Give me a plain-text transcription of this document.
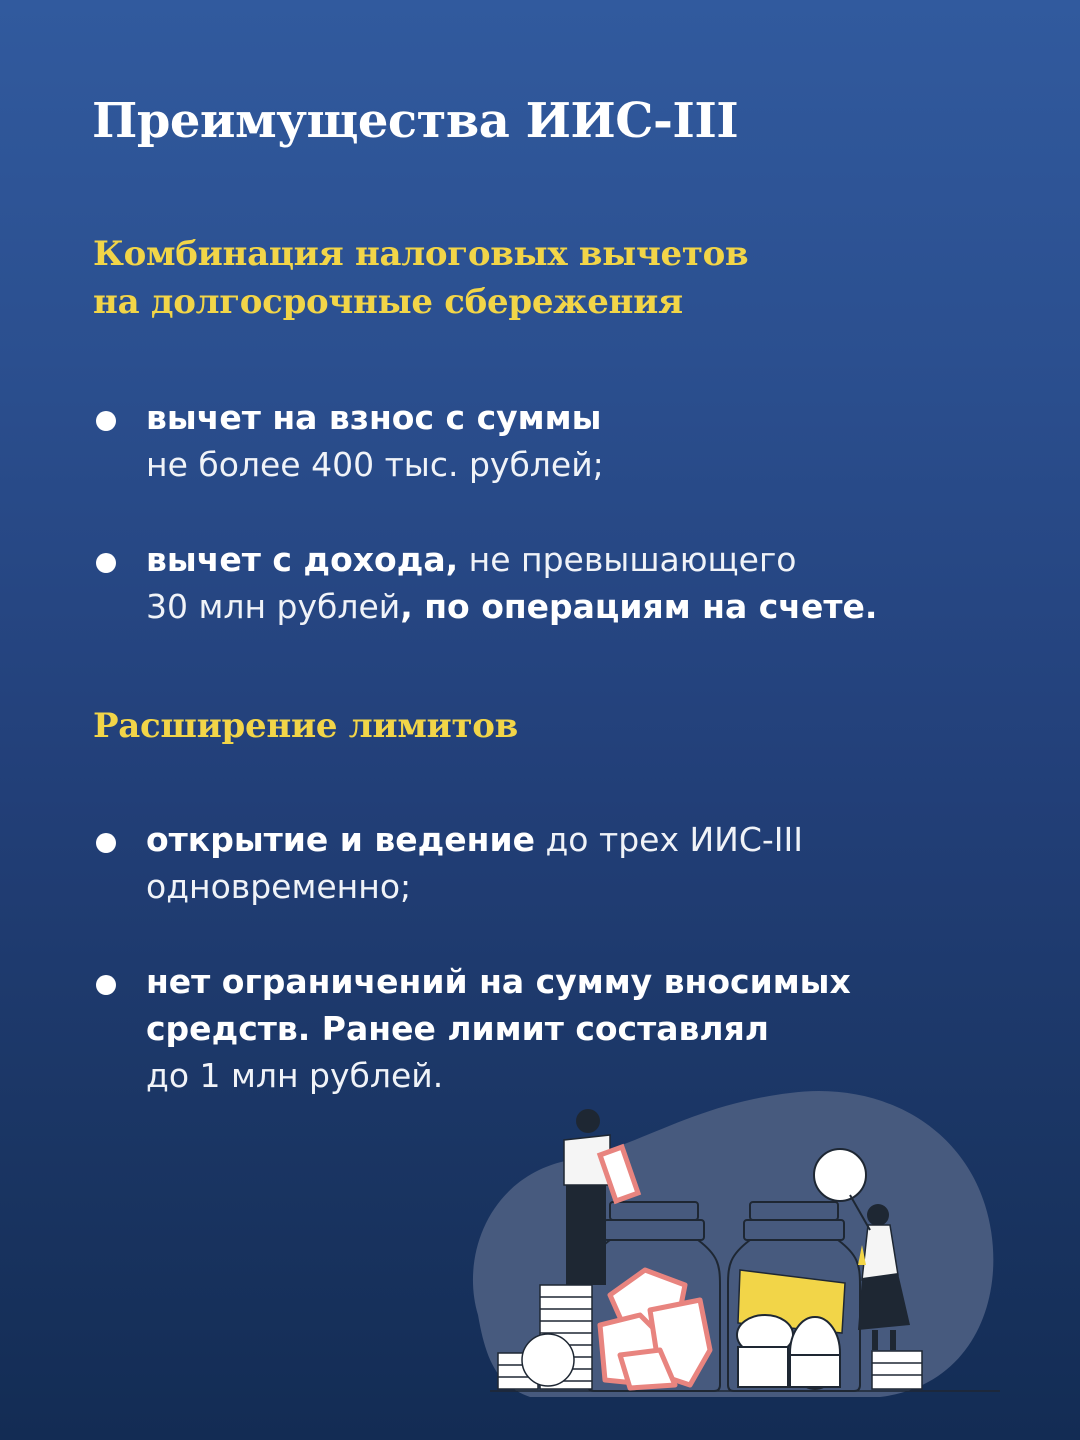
Преимущества ИИС-III
Комбинация налоговых вычетов
на долгосрочные сбережения
вычет на взнос с суммы
не более 400 тыс. рублей;
вычет с дохода, не превышающего
30 млн рублей, по операциям на счете.
Расширение лимитов
открытие и ведение до трех ИИС-III
одновременно;
нет ограничений на сумму вносимых
средств. Ранее лимит составлял
до 1 млн рублей.
